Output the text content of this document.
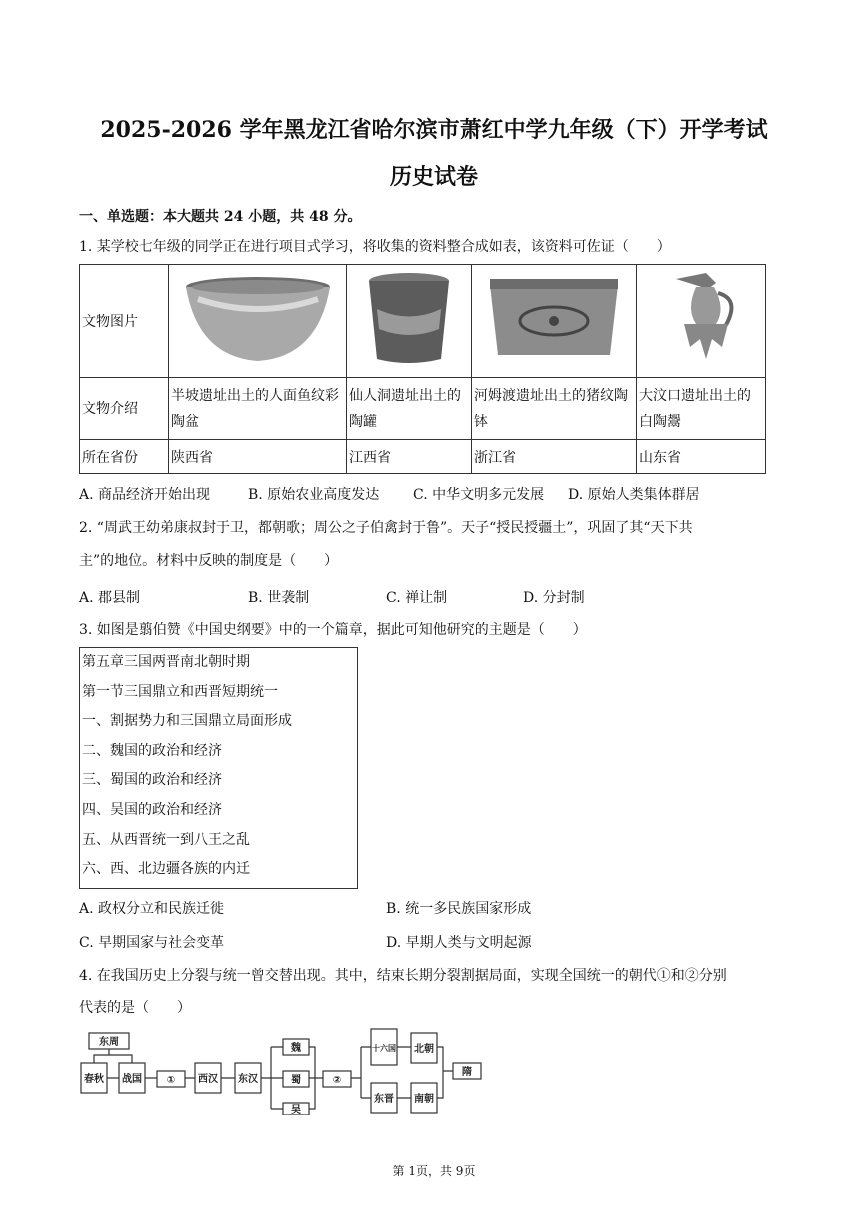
2025-2026 学年黑龙江省哈尔滨市萧红中学九年级（下）开学考试
历史试卷
一、单选题：本大题共 24 小题，共 48 分。
1. 某学校七年级的同学正在进行项目式学习，将收集的资料整合成如表，该资料可佐证（　　）
文物图片				
文物介绍	半坡遗址出土的人面鱼纹彩陶盆	仙人洞遗址出土的陶罐	河姆渡遗址出土的猪纹陶钵	大汶口遗址出土的白陶鬶
所在省份	陕西省	江西省	浙江省	山东省
A. 商品经济开始出现	B. 原始农业高度发达 C. 中华文明多元发展 D. 原始人类集体群居
2. “周武王幼弟康叔封于卫，都朝歌；周公之子伯禽封于鲁”。天子“授民授疆土”，巩固了其“天下共
主”的地位。材料中反映的制度是（　　）
A. 郡县制	B. 世袭制	C. 禅让制	D. 分封制
3. 如图是翦伯赞《中国史纲要》中的一个篇章，据此可知他研究的主题是（　　）
第五章三国两晋南北朝时期
第一节三国鼎立和西晋短期统一
一、割据势力和三国鼎立局面形成
二、魏国的政治和经济
三、蜀国的政治和经济
四、吴国的政治和经济
五、从西晋统一到八王之乱
六、西、北边疆各族的内迁
A. 政权分立和民族迁徙	B. 统一多民族国家形成
C. 早期国家与社会变革	D. 早期人类与文明起源
4. 在我国历史上分裂与统一曾交替出现。其中，结束长期分裂割据局面，实现全国统一的朝代①和②分别
代表的是（　　）
东周
春秋 战国 ① 西汉 东汉
魏
蜀
吴
②
十六国 北朝
东晋 南朝
隋
第 1页，共 9页
